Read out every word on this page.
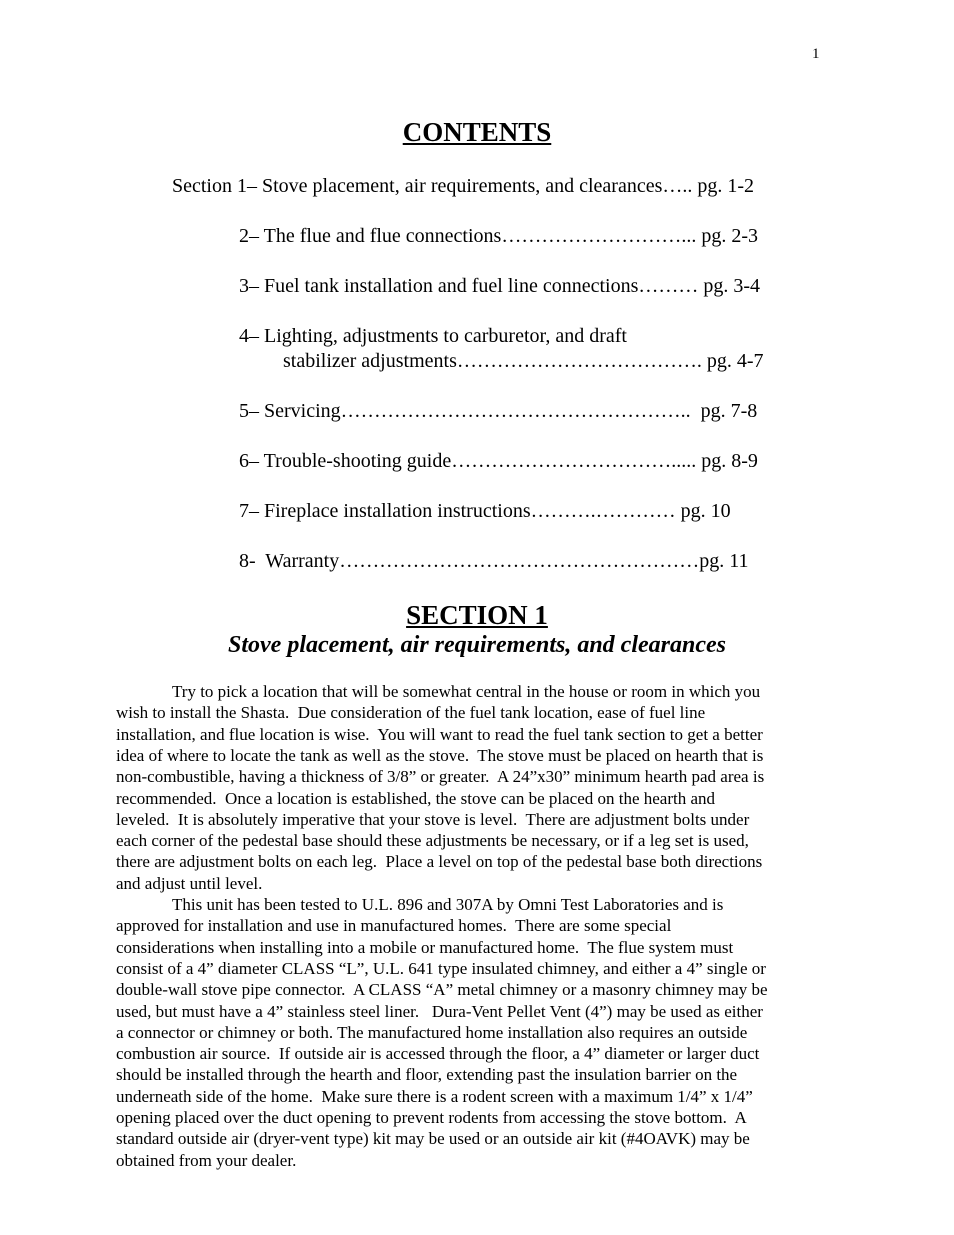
1
CONTENTS
Section 1– Stove placement, air requirements, and clearances….. pg. 1-2
2– The flue and flue connections………………………... pg. 2-3
3– Fuel tank installation and fuel line connections……… pg. 3-4
4– Lighting, adjustments to carburetor, and draft
stabilizer adjustments………………………………. pg. 4-7
5– Servicing……………………………………………..  pg. 7-8
6– Trouble-shooting guide……………………………..... pg. 8-9
7– Fireplace installation instructions……….………… pg. 10
8-  Warranty………………………………………………pg. 11
SECTION 1
Stove placement, air requirements, and clearances
Try to pick a location that will be somewhat central in the house or room in which you
wish to install the Shasta.  Due consideration of the fuel tank location, ease of fuel line
installation, and flue location is wise.  You will want to read the fuel tank section to get a better
idea of where to locate the tank as well as the stove.  The stove must be placed on hearth that is
non-combustible, having a thickness of 3/8” or greater.  A 24”x30” minimum hearth pad area is
recommended.  Once a location is established, the stove can be placed on the hearth and
leveled.  It is absolutely imperative that your stove is level.  There are adjustment bolts under
each corner of the pedestal base should these adjustments be necessary, or if a leg set is used,
there are adjustment bolts on each leg.  Place a level on top of the pedestal base both directions
and adjust until level.
This unit has been tested to U.L. 896 and 307A by Omni Test Laboratories and is
approved for installation and use in manufactured homes.  There are some special
considerations when installing into a mobile or manufactured home.  The flue system must
consist of a 4” diameter CLASS “L”, U.L. 641 type insulated chimney, and either a 4” single or
double-wall stove pipe connector.  A CLASS “A” metal chimney or a masonry chimney may be
used, but must have a 4” stainless steel liner.   Dura-Vent Pellet Vent (4”) may be used as either
a connector or chimney or both. The manufactured home installation also requires an outside
combustion air source.  If outside air is accessed through the floor, a 4” diameter or larger duct
should be installed through the hearth and floor, extending past the insulation barrier on the
underneath side of the home.  Make sure there is a rodent screen with a maximum 1/4” x 1/4”
opening placed over the duct opening to prevent rodents from accessing the stove bottom.  A
standard outside air (dryer-vent type) kit may be used or an outside air kit (#4OAVK) may be
obtained from your dealer.
